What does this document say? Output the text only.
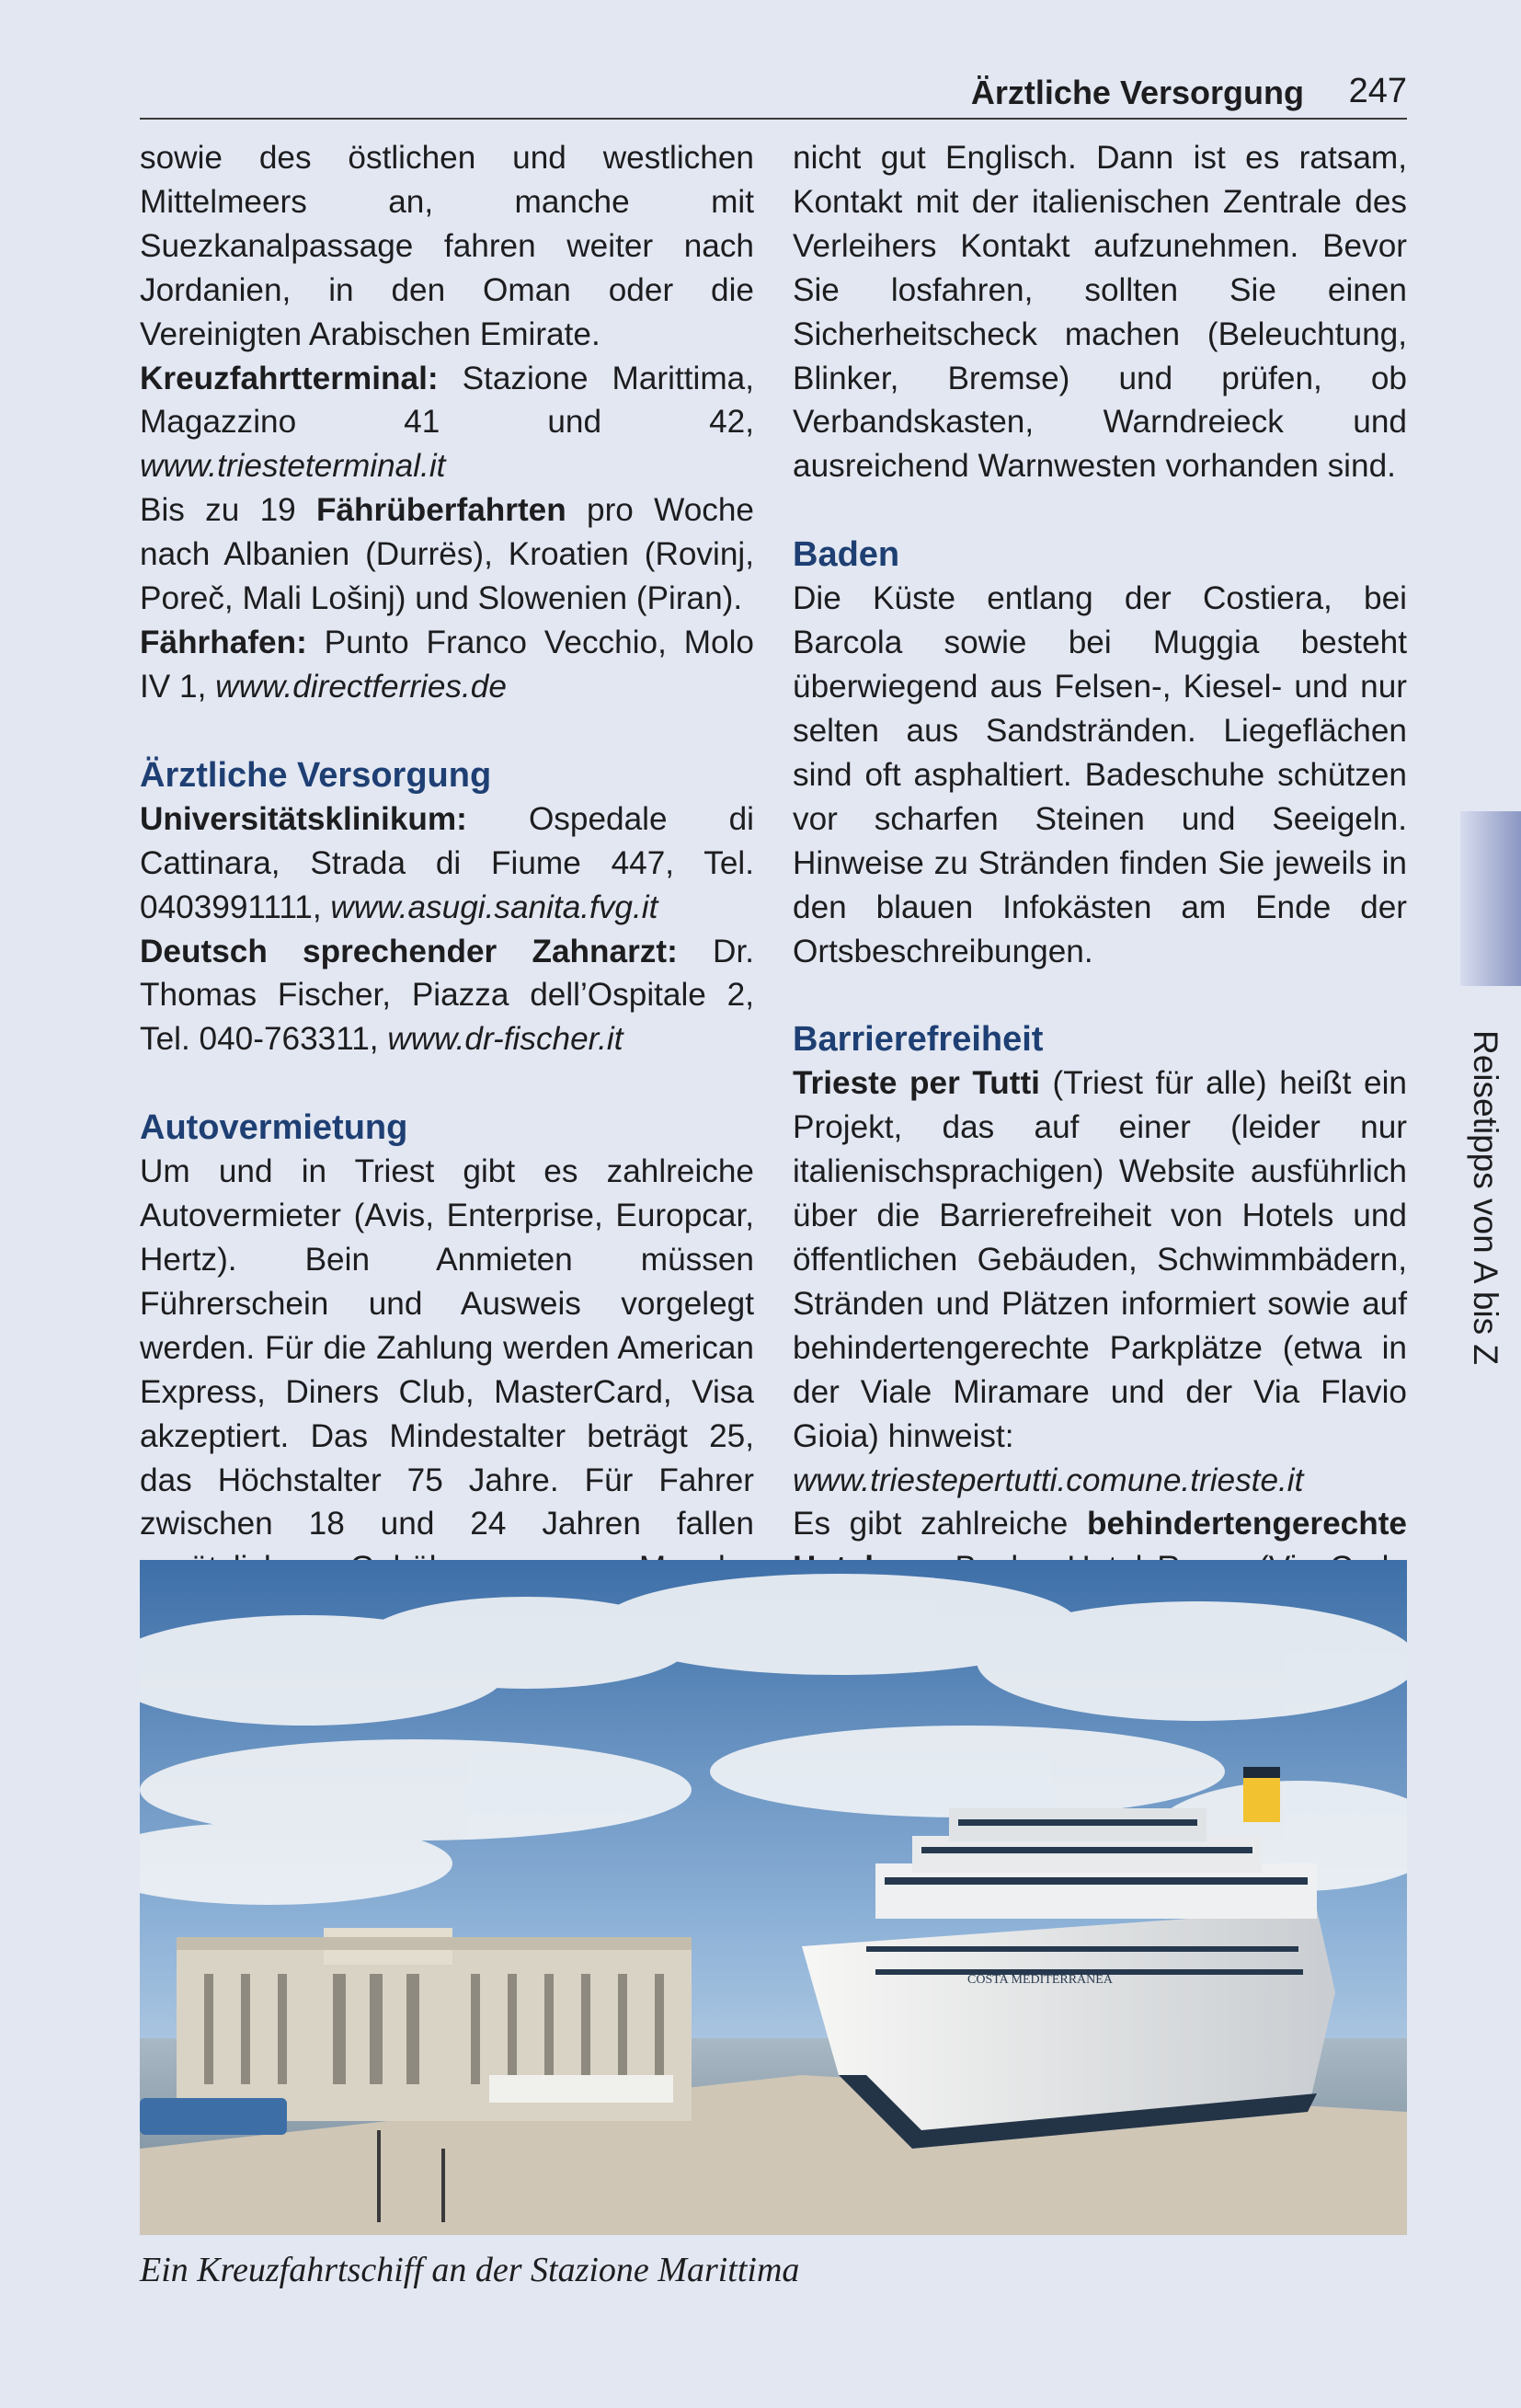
Ärztliche Versorgung 247

sowie des östlichen und westlichen Mittelmeers an, manche mit Suezkanalpassage fahren weiter nach Jordanien, in den Oman oder die Vereinigten Arabischen Emirate.

Kreuzfahrtterminal: Stazione Marittima, Magazzino 41 und 42, www.triesteterminal.it

Bis zu 19 Fährüberfahrten pro Woche nach Albanien (Durrës), Kroatien (Rovinj, Poreč, Mali Lošinj) und Slowenien (Piran).

Fährhafen: Punto Franco Vecchio, Molo IV 1, www.directferries.de

Ärztliche Versorgung

Universitätsklinikum: Ospedale di Cattinara, Strada di Fiume 447, Tel. 0403991111, www.asugi.sanita.fvg.it

Deutsch sprechender Zahnarzt: Dr. Thomas Fischer, Piazza dell’Ospitale 2, Tel. 040-763311, www.dr-fischer.it

Autovermietung

Um und in Triest gibt es zahlreiche Autovermieter (Avis, Enterprise, Europcar, Hertz). Bein Anmieten müssen Führerschein und Ausweis vorgelegt werden. Für die Zahlung werden American Express, Diners Club, MasterCard, Visa akzeptiert. Das Mindestalter beträgt 25, das Höchstalter 75 Jahre. Für Fahrer zwischen 18 und 24 Jahren fallen

nicht gut Englisch. Dann ist es ratsam, Kontakt mit der italienischen Zentrale des Verleihers Kontakt aufzunehmen. Bevor Sie losfahren, sollten Sie einen Sicherheitscheck machen (Beleuchtung, Blinker, Bremse) und prüfen, ob Verbandskasten, Warndreieck und ausreichend Warnwesten vorhanden sind.

Baden

Die Küste entlang der Costiera, bei Barcola sowie bei Muggia besteht überwiegend aus Felsen-, Kiesel- und nur selten aus Sandstränden. Liegeflächen sind oft asphaltiert. Badeschuhe schützen vor scharfen Steinen und Seeigeln. Hinweise zu Stränden finden Sie jeweils in den blauen Infokästen am Ende der Ortsbeschreibungen.

Barrierefreiheit

Trieste per Tutti (Triest für alle) heißt ein Projekt, das auf einer (leider nur italienischsprachigen) Website ausführlich über die Barrierefreiheit von Hotels und öffentlichen Gebäuden, Schwimmbädern, Stränden und Plätzen informiert sowie auf behindertengerechte Parkplätze (etwa in der Viale Miramare und der Via Flavio Gioia) hinweist:

www.triestepertutti.comune.trieste.it

Es gibt zahlreiche behindertengerechte

Reisetipps von A bis Z
COSTA MEDITERRANEA
Ein Kreuzfahrtschiff an der Stazione Marittima
